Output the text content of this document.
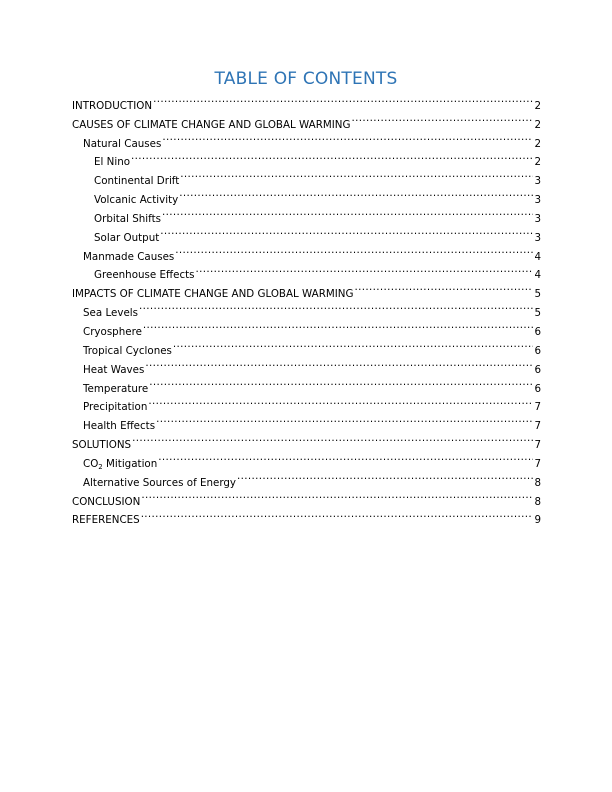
TABLE OF CONTENTS
INTRODUCTION .....	2
CAUSES OF CLIMATE CHANGE AND GLOBAL WARMING .....	2
Natural Causes .....	2
El Nino .....	2
Continental Drift .....	3
Volcanic Activity .....	3
Orbital Shifts .....	3
Solar Output .....	3
Manmade Causes .....	4
Greenhouse Effects .....	4
IMPACTS OF CLIMATE CHANGE AND GLOBAL WARMING .....	5
Sea Levels .....	5
Cryosphere .....	6
Tropical Cyclones .....	6
Heat Waves .....	6
Temperature .....	6
Precipitation .....	7
Health Effects .....	7
SOLUTIONS .....	7
$CO_2$ Mitigation .....	7
Alternative Sources of Energy .....	8
CONCLUSION .....	8
REFERENCES .....	9
